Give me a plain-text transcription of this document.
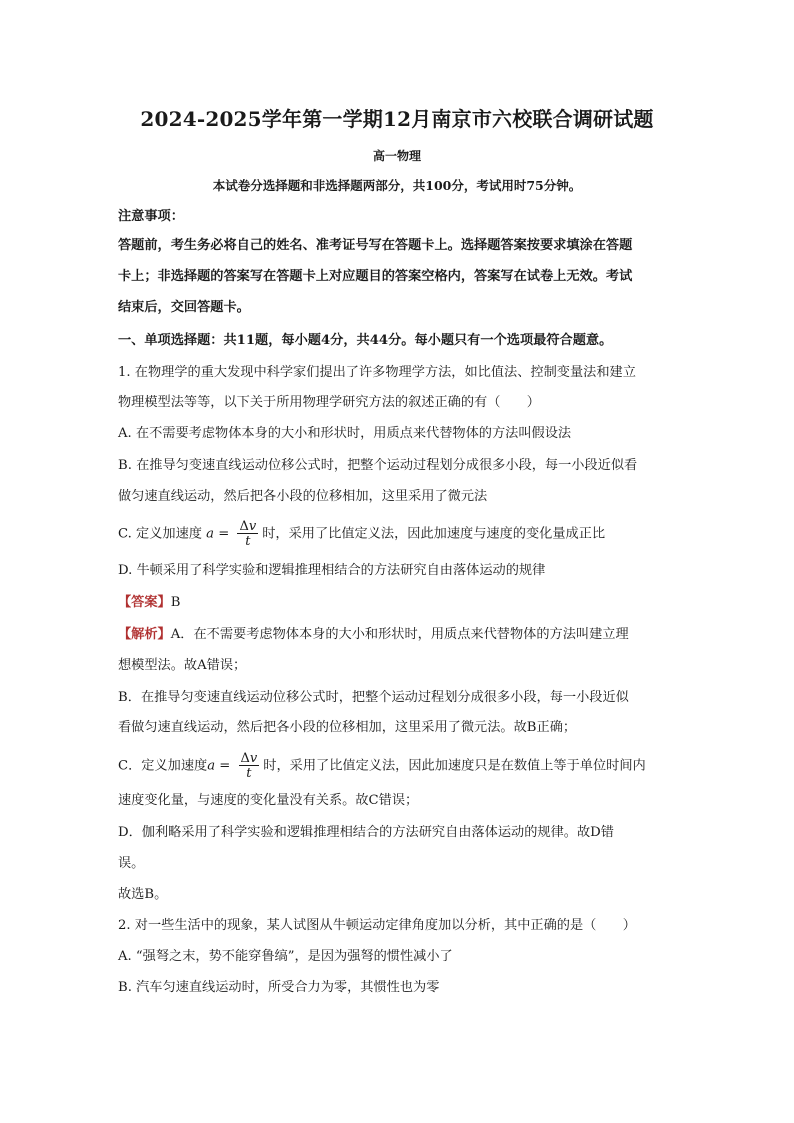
2024-2025学年第一学期12月南京市六校联合调研试题
高一物理
本试卷分选择题和非选择题两部分，共100分，考试用时75分钟。
注意事项：
答题前，考生务必将自己的姓名、准考证号写在答题卡上。选择题答案按要求填涂在答题
卡上；非选择题的答案写在答题卡上对应题目的答案空格内，答案写在试卷上无效。考试
结束后，交回答题卡。
一、单项选择题：共11题，每小题4分，共44分。每小题只有一个选项最符合题意。
1. 在物理学的重大发现中科学家们提出了许多物理学方法，如比值法、控制变量法和建立
物理模型法等等，以下关于所用物理学研究方法的叙述正确的有（　　）
A. 在不需要考虑物体本身的大小和形状时，用质点来代替物体的方法叫假设法
B. 在推导匀变速直线运动位移公式时，把整个运动过程划分成很多小段，每一小段近似看
做匀速直线运动，然后把各小段的位移相加，这里采用了微元法
C. 定义加速度 $a = \frac{\Delta v}{t}$ 时，采用了比值定义法，因此加速度与速度的变化量成正比
D. 牛顿采用了科学实验和逻辑推理相结合的方法研究自由落体运动的规律
【答案】B
【解析】A．在不需要考虑物体本身的大小和形状时，用质点来代替物体的方法叫建立理
想模型法。故A错误；
B．在推导匀变速直线运动位移公式时，把整个运动过程划分成很多小段，每一小段近似
看做匀速直线运动，然后把各小段的位移相加，这里采用了微元法。故B正确；
C．定义加速度$a = \frac{\Delta v}{t}$ 时，采用了比值定义法，因此加速度只是在数值上等于单位时间内
速度变化量，与速度的变化量没有关系。故C错误；
D．伽利略采用了科学实验和逻辑推理相结合的方法研究自由落体运动的规律。故D错
误。
故选B。
2. 对一些生活中的现象，某人试图从牛顿运动定律角度加以分析，其中正确的是（　　）
A. “强弩之末，势不能穿鲁缟”，是因为强弩的惯性减小了
B. 汽车匀速直线运动时，所受合力为零，其惯性也为零
